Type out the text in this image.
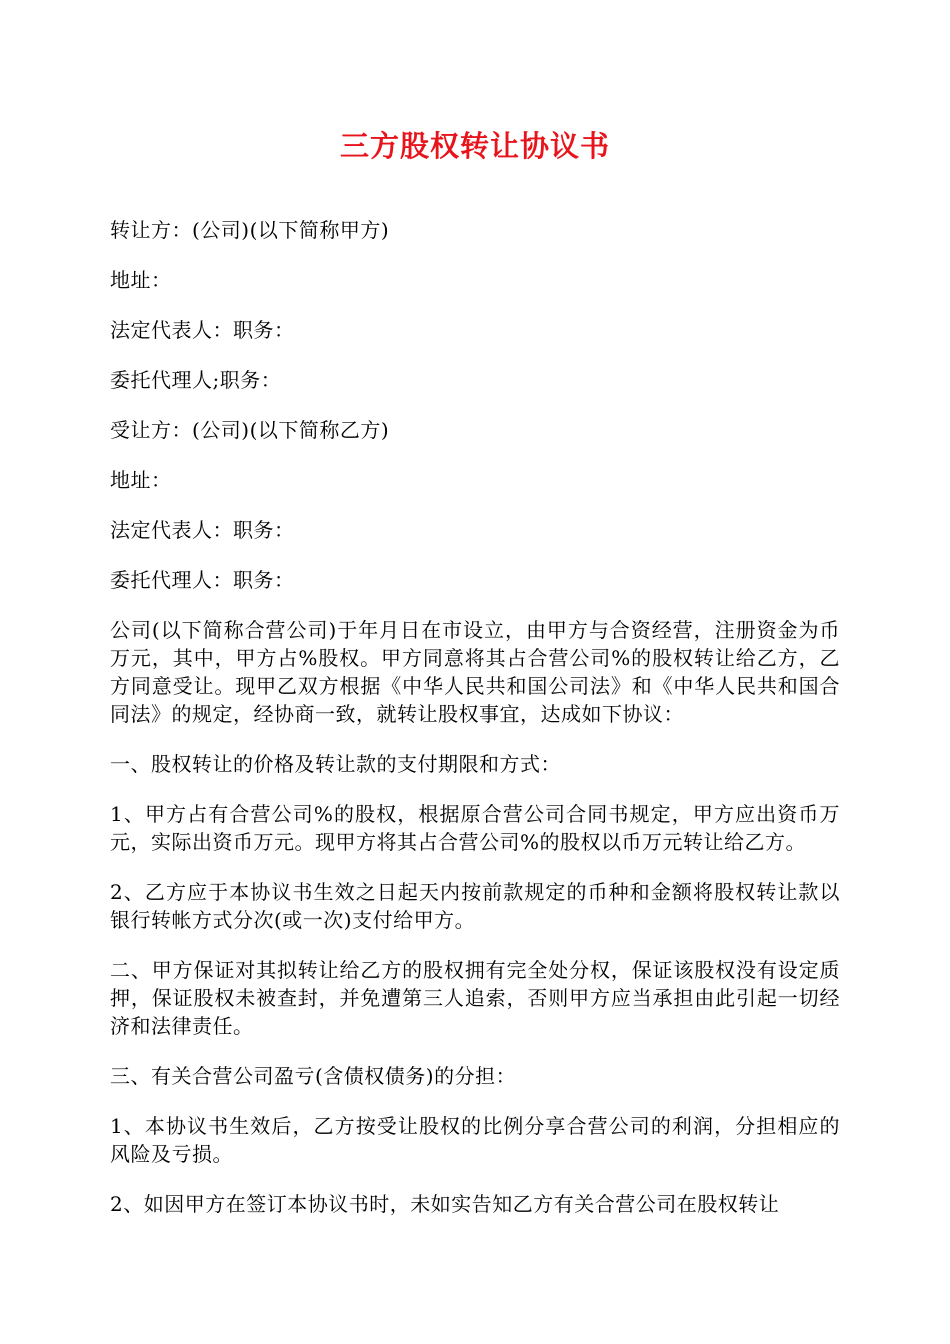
三方股权转让协议书

转让方：(公司)(以下简称甲方)

地址：

法定代表人：职务：

委托代理人;职务：

受让方：(公司)(以下简称乙方)

地址：

法定代表人：职务：

委托代理人：职务：

公司(以下简称合营公司)于年月日在市设立，由甲方与合资经营，注册资金为币万元，其中，甲方占%股权。甲方同意将其占合营公司%的股权转让给乙方，乙方同意受让。现甲乙双方根据《中华人民共和国公司法》和《中华人民共和国合同法》的规定，经协商一致，就转让股权事宜，达成如下协议：

一、股权转让的价格及转让款的支付期限和方式：

1、甲方占有合营公司%的股权，根据原合营公司合同书规定，甲方应出资币万元，实际出资币万元。现甲方将其占合营公司%的股权以币万元转让给乙方。

2、乙方应于本协议书生效之日起天内按前款规定的币种和金额将股权转让款以银行转帐方式分次(或一次)支付给甲方。

二、甲方保证对其拟转让给乙方的股权拥有完全处分权，保证该股权没有设定质押，保证股权未被查封，并免遭第三人追索，否则甲方应当承担由此引起一切经济和法律责任。

三、有关合营公司盈亏(含债权债务)的分担：

1、本协议书生效后，乙方按受让股权的比例分享合营公司的利润，分担相应的风险及亏损。

2、如因甲方在签订本协议书时，未如实告知乙方有关合营公司在股权转让
